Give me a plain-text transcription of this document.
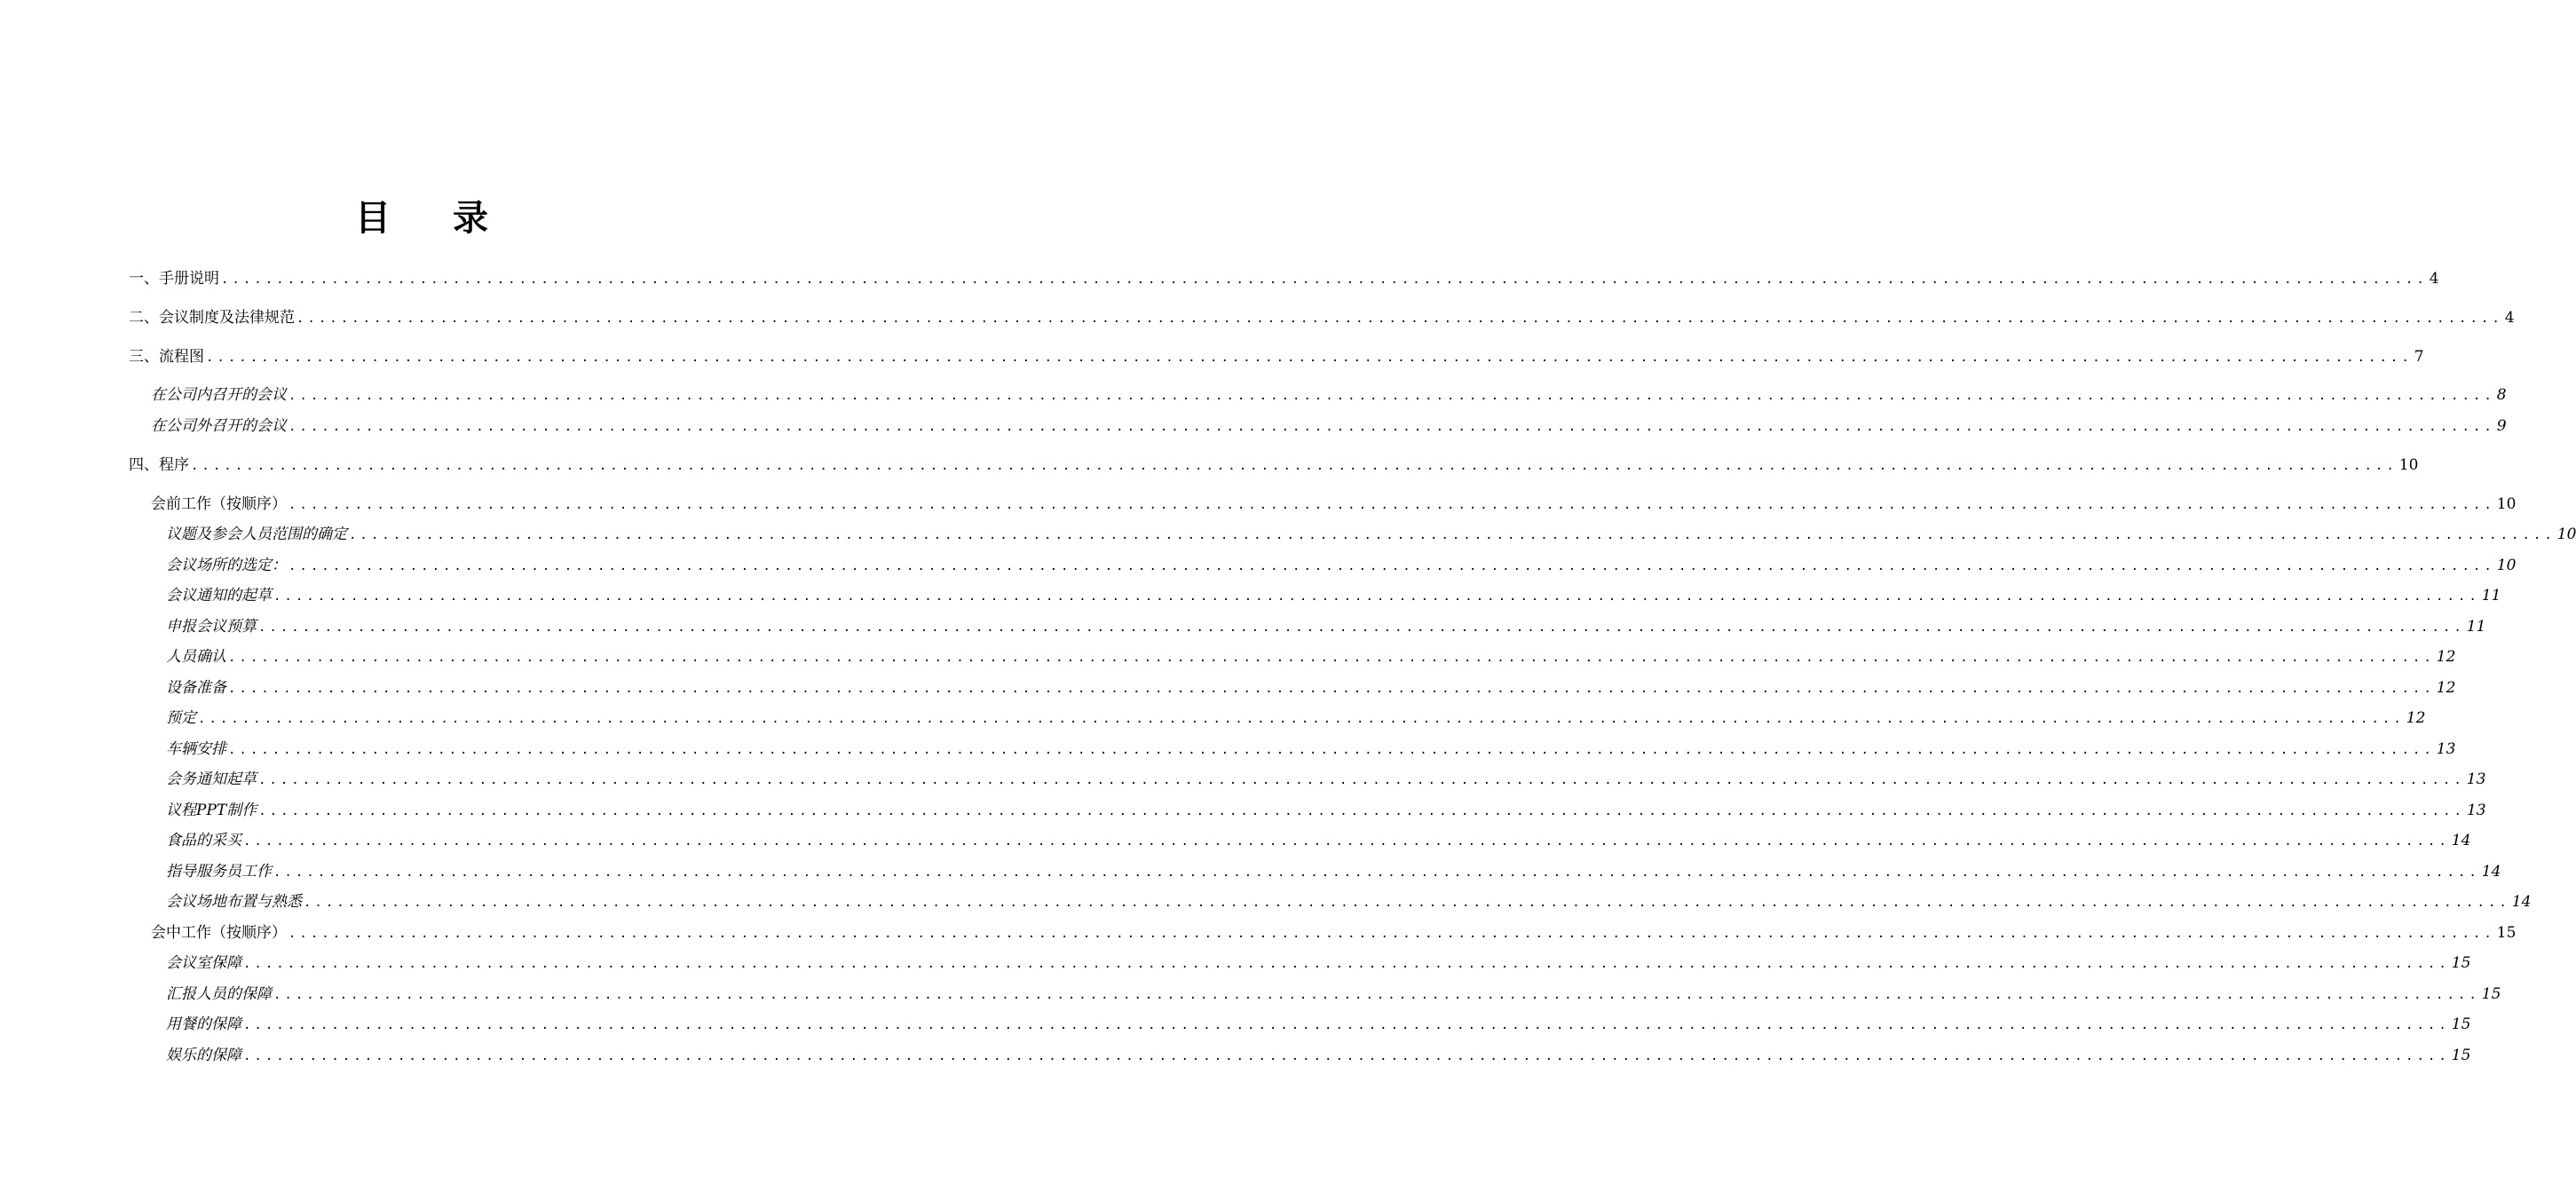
目 录
一、手册说明 ........................................................................................................................................................................................................ 4
二、会议制度及法律规范 ........................................................................................................................................................................................................ 4
三、流程图 ........................................................................................................................................................................................................ 7
在公司内召开的会议 ........................................................................................................................................................................................................ 8
在公司外召开的会议 ........................................................................................................................................................................................................ 9
四、程序 ........................................................................................................................................................................................................ 10
会前工作（按顺序） ........................................................................................................................................................................................................ 10
议题及参会人员范围的确定 ........................................................................................................................................................................................................ 10
会议场所的选定： ........................................................................................................................................................................................................ 10
会议通知的起草 ........................................................................................................................................................................................................ 11
申报会议预算 ........................................................................................................................................................................................................ 11
人员确认 ........................................................................................................................................................................................................ 12
设备准备 ........................................................................................................................................................................................................ 12
预定 ........................................................................................................................................................................................................ 12
车辆安排 ........................................................................................................................................................................................................ 13
会务通知起草 ........................................................................................................................................................................................................ 13
议程PPT制作 ........................................................................................................................................................................................................ 13
食品的采买 ........................................................................................................................................................................................................ 14
指导服务员工作 ........................................................................................................................................................................................................ 14
会议场地布置与熟悉 ........................................................................................................................................................................................................ 14
会中工作（按顺序） ........................................................................................................................................................................................................ 15
会议室保障 ........................................................................................................................................................................................................ 15
汇报人员的保障 ........................................................................................................................................................................................................ 15
用餐的保障 ........................................................................................................................................................................................................ 15
娱乐的保障 ........................................................................................................................................................................................................ 15
